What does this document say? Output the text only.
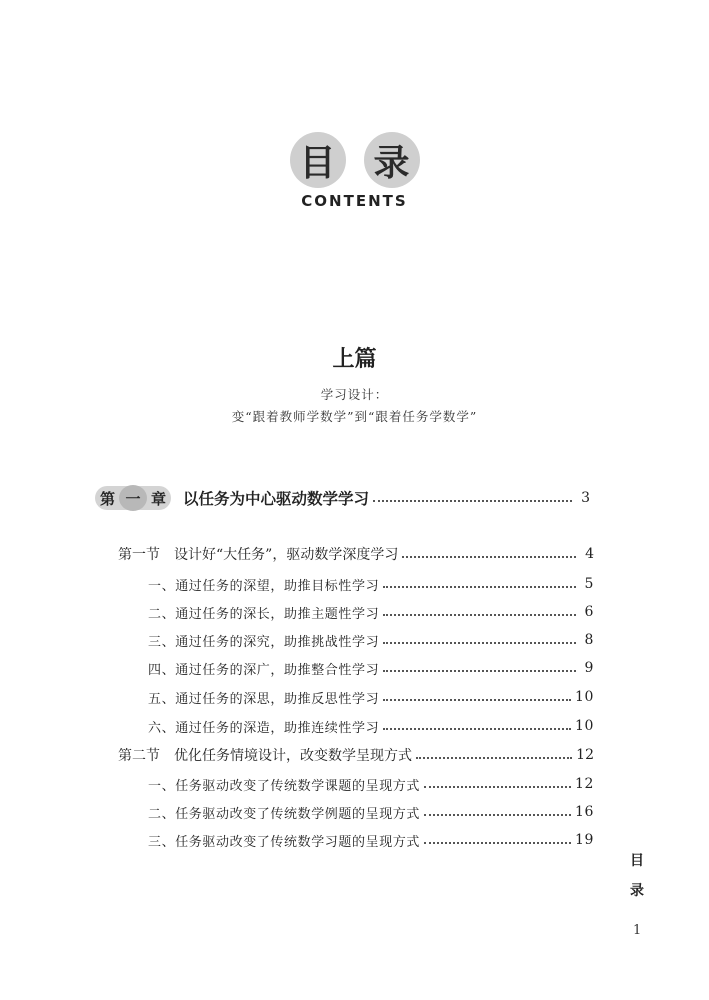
目 录
CONTENTS
上篇
学习设计：
变“跟着教师学数学”到“跟着任务学数学”
第 一 章	以任务为中心驱动数学学习	3
第一节　设计好“大任务”，驱动数学深度学习	4
一、通过任务的深望，助推目标性学习	5
二、通过任务的深长，助推主题性学习	6
三、通过任务的深究，助推挑战性学习	8
四、通过任务的深广，助推整合性学习	9
五、通过任务的深思，助推反思性学习	10
六、通过任务的深造，助推连续性学习	10
第二节　优化任务情境设计，改变数学呈现方式	12
一、任务驱动改变了传统数学课题的呈现方式	12
二、任务驱动改变了传统数学例题的呈现方式	16
三、任务驱动改变了传统数学习题的呈现方式	19
目
录
1
